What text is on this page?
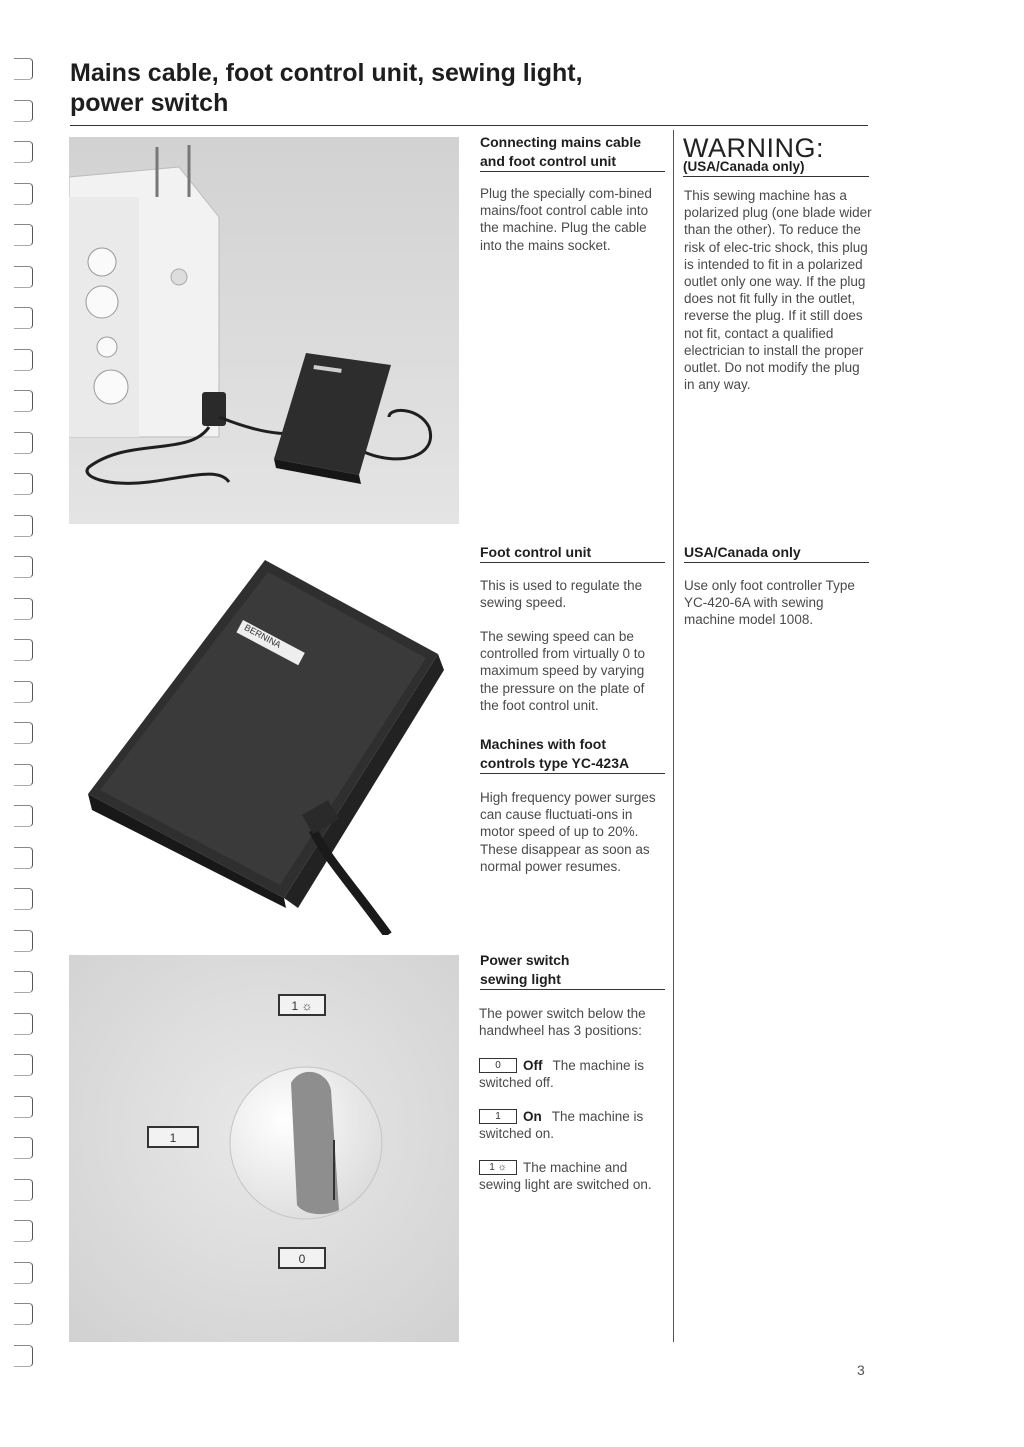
Mains cable, foot control unit, sewing light, power switch
Connecting mains cable
and foot control unit

Plug the specially com-bined mains/foot control cable into the machine. Plug the cable into the mains socket.

WARNING:
(USA/Canada only)

This sewing machine has a polarized plug (one blade wider than the other). To reduce the risk of elec-tric shock, this plug is intended to fit in a polarized outlet only one way. If the plug does not fit fully in the outlet, reverse the plug. If it still does not fit, contact a qualified electrician to install the proper outlet. Do not modify the plug in any way.

BERNINA
Foot control unit

This is used to regulate the sewing speed.

The sewing speed can be controlled from virtually 0 to maximum speed by varying the pressure on the plate of the foot control unit.

USA/Canada only

Use only foot controller Type YC-420-6A with sewing machine model 1008.

Machines with foot
controls type YC-423A

High frequency power surges can cause fluctuati-ons in motor speed of up to 20%. These disappear as soon as normal power resumes.

1 ☼
1
0
Power switch
sewing light

The power switch below the handwheel has 3 positions:

0 Off The machine is switched off.
1 On The machine is switched on.
1 ☼ The machine and sewing light are switched on.
3
